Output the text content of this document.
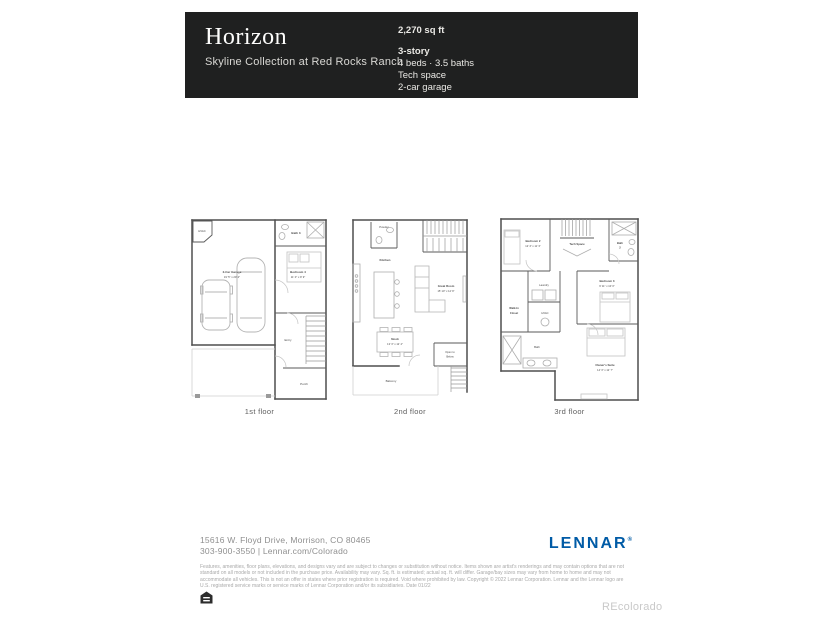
Horizon
Skyline Collection at Red Rocks Ranch
2,270 sq ft
3-story
4 beds · 3.5 baths
Tech space
2-car garage
HVAC	Bath 3
2-Car Garage
19' 5" x 20' 2"
Bedroom 4
11' 0" x 9' 9"
Entry
Porch
1st floor
Powder
Kitchen
Great Room
15' 10" x 14' 9"
Nook
13' 3" x 12' 4"
Open to
Below
Balcony
2nd floor
Bedroom 2
12' 4" x 11' 3"
Tech Space	Bath
2
Laundry
Walk-In
Closet	HVAC
Bedroom 3
9' 11" x 10' 0"
Bath
Owner's Suite
14' 3" x 12' 7"
3rd floor
15616 W. Floyd Drive, Morrison, CO 80465
303-900-3550 | Lennar.com/Colorado	LENNAR®
Features, amenities, floor plans, elevations, and designs vary and are subject to changes or substitution without notice. Items shown are artist's renderings and may contain options that are not standard on all models or not included in the purchase price. Availability may vary. Sq. ft. is estimated; actual sq. ft. will differ. Garage/bay sizes may vary from home to home and may not accommodate all vehicles. This is not an offer in states where prior registration is required. Void where prohibited by law. Copyright © 2022 Lennar Corporation. Lennar and the Lennar logo are U.S. registered service marks or service marks of Lennar Corporation and/or its subsidiaries. Date 01/22
REcolorado
